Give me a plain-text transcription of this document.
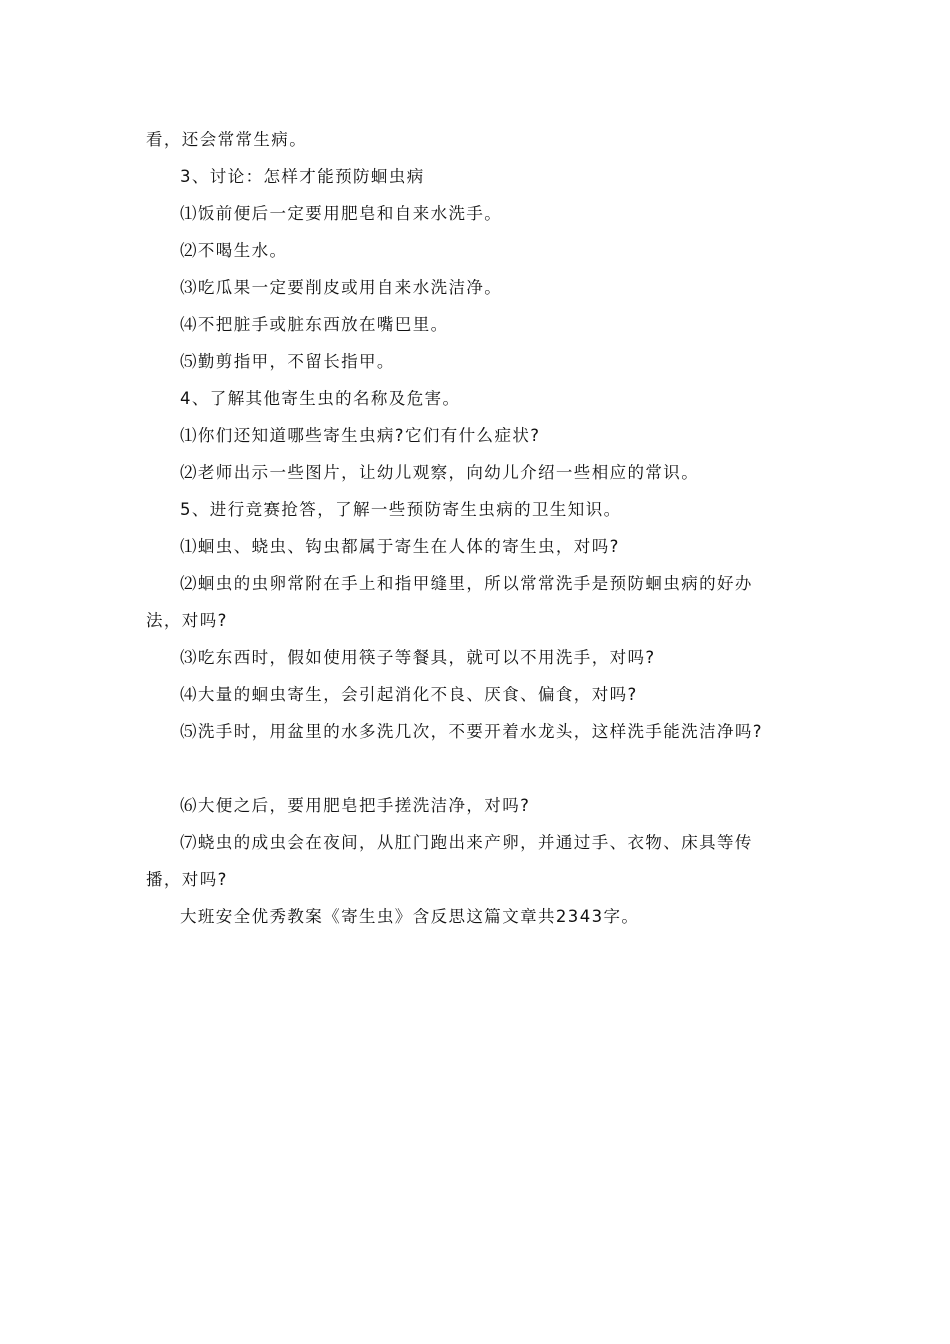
看，还会常常生病。

3、讨论：怎样才能预防蛔虫病

⑴饭前便后一定要用肥皂和自来水洗手。

⑵不喝生水。

⑶吃瓜果一定要削皮或用自来水洗洁净。

⑷不把脏手或脏东西放在嘴巴里。

⑸勤剪指甲，不留长指甲。

4、了解其他寄生虫的名称及危害。

⑴你们还知道哪些寄生虫病?它们有什么症状?

⑵老师出示一些图片，让幼儿观察，向幼儿介绍一些相应的常识。

5、进行竞赛抢答，了解一些预防寄生虫病的卫生知识。

⑴蛔虫、蛲虫、钩虫都属于寄生在人体的寄生虫，对吗?

⑵蛔虫的虫卵常附在手上和指甲缝里，所以常常洗手是预防蛔虫病的好办

法，对吗?

⑶吃东西时，假如使用筷子等餐具，就可以不用洗手，对吗?

⑷大量的蛔虫寄生，会引起消化不良、厌食、偏食，对吗?

⑸洗手时，用盆里的水多洗几次，不要开着水龙头，这样洗手能洗洁净吗?

⑹大便之后，要用肥皂把手搓洗洁净，对吗?

⑺蛲虫的成虫会在夜间，从肛门跑出来产卵，并通过手、衣物、床具等传

播，对吗?

大班安全优秀教案《寄生虫》含反思这篇文章共2343字。
